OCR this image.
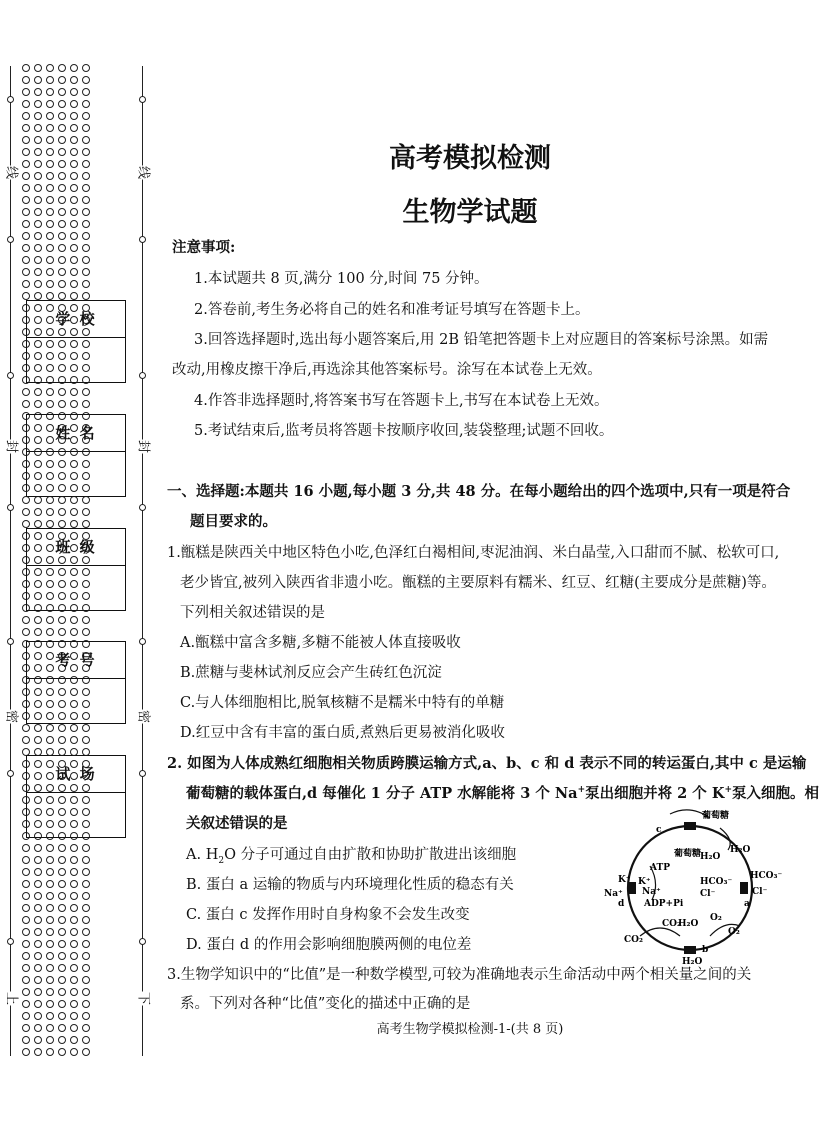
线
封
密
上
线
封
密
下
学 校
姓 名
班 级
考 号
试 场
高考模拟检测
生物学试题
注意事项:
1.本试题共 8 页,满分 100 分,时间 75 分钟。
2.答卷前,考生务必将自己的姓名和准考证号填写在答题卡上。
3.回答选择题时,选出每小题答案后,用 2B 铅笔把答题卡上对应题目的答案标号涂黑。如需
改动,用橡皮擦干净后,再选涂其他答案标号。涂写在本试卷上无效。
4.作答非选择题时,将答案书写在答题卡上,书写在本试卷上无效。
5.考试结束后,监考员将答题卡按顺序收回,装袋整理;试题不回收。
一、选择题:本题共 16 小题,每小题 3 分,共 48 分。在每小题给出的四个选项中,只有一项是符合
题目要求的。
1.甑糕是陕西关中地区特色小吃,色泽红白褐相间,枣泥油润、米白晶莹,入口甜而不腻、松软可口,
老少皆宜,被列入陕西省非遗小吃。甑糕的主要原料有糯米、红豆、红糖(主要成分是蔗糖)等。
下列相关叙述错误的是
A.甑糕中富含多糖,多糖不能被人体直接吸收
B.蔗糖与斐林试剂反应会产生砖红色沉淀
C.与人体细胞相比,脱氧核糖不是糯米中特有的单糖
D.红豆中含有丰富的蛋白质,煮熟后更易被消化吸收
2. 如图为人体成熟红细胞相关物质跨膜运输方式,a、b、c 和 d 表示不同的转运蛋白,其中 c 是运输
葡萄糖的载体蛋白,d 每催化 1 分子 ATP 水解能将 3 个 Na+泵出细胞并将 2 个 K+泵入细胞。相
关叙述错误的是
A. $H_2O$ 分子可通过自由扩散和协助扩散进出该细胞
B. 蛋白 a 运输的物质与内环境理化性质的稳态有关
C. 蛋白 c 发挥作用时自身构象不会发生改变
D. 蛋白 d 的作用会影响细胞膜两侧的电位差
葡萄糖
葡萄糖
c
H₂O
H₂O
ATP
K⁺ K⁺
Na⁺
Na⁺
d ADP+Pi
HCO₃⁻
Cl⁻
HCO₃⁻
Cl⁻
a
CO₂
H₂O
O₂
CO₂
H₂O
b
O₂
3.生物学知识中的“比值”是一种数学模型,可较为准确地表示生命活动中两个相关量之间的关
系。下列对各种“比值”变化的描述中正确的是
高考生物学模拟检测-1-(共 8 页)
